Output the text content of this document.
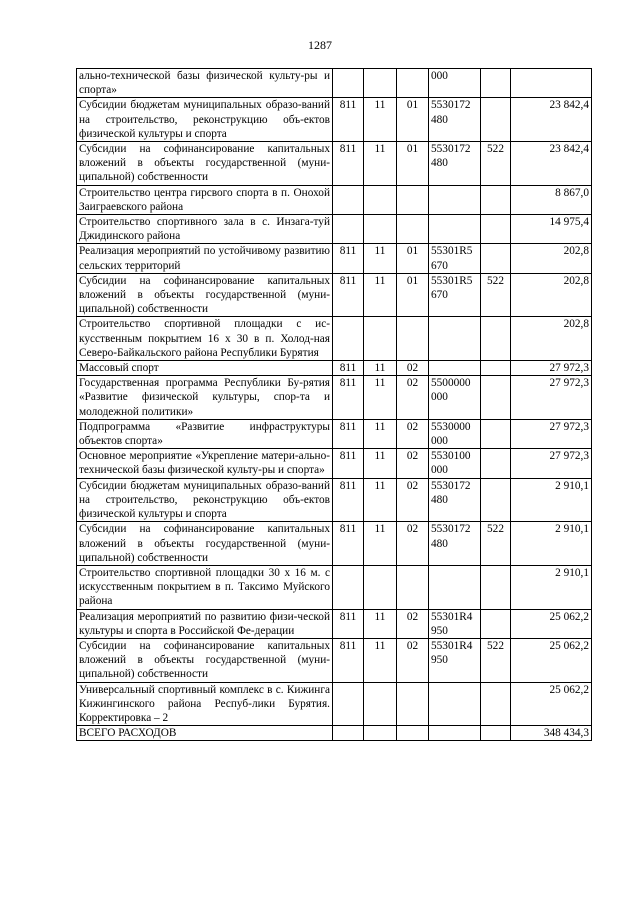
1287
ально-технической базы физической культу-ры и спорта»				000		
Субсидии бюджетам муниципальных образо-ваний на строительство, реконструкцию объ-ектов физической культуры и спорта	811	11	01	5530172 480		23 842,4
Субсидии на софинансирование капитальных вложений в объекты государственной (муни-ципальной) собственности	811	11	01	5530172 480	522	23 842,4
Строительство центра гирсвого спорта в п. Онохой Заиграевского района						8 867,0
Строительство спортивного зала в с. Инзага-туй Джидинского района						14 975,4
Реализация мероприятий по устойчивому развитию сельских территорий	811	11	01	55301R5 670		202,8
Субсидии на софинансирование капитальных вложений в объекты государственной (муни-ципальной) собственности	811	11	01	55301R5 670	522	202,8
Строительство спортивной площадки с ис-кусственным покрытием 16 х 30 в п. Холод-ная Северо-Байкальского района Республики Бурятия						202,8
Массовый спорт	811	11	02			27 972,3
Государственная программа Республики Бу-рятия «Развитие физической культуры, спор-та и молодежной политики»	811	11	02	5500000 000		27 972,3
Подпрограмма «Развитие инфраструктуры объектов спорта»	811	11	02	5530000 000		27 972,3
Основное мероприятие «Укрепление матери-ально-технической базы физической культу-ры и спорта»	811	11	02	5530100 000		27 972,3
Субсидии бюджетам муниципальных образо-ваний на строительство, реконструкцию объ-ектов физической культуры и спорта	811	11	02	5530172 480		2 910,1
Субсидии на софинансирование капитальных вложений в объекты государственной (муни-ципальной) собственности	811	11	02	5530172 480	522	2 910,1
Строительство спортивной площадки 30 х 16 м. с искусственным покрытием в п. Таксимо Муйского района						2 910,1
Реализация мероприятий по развитию физи-ческой культуры и спорта в Российской Фе-дерации	811	11	02	55301R4 950		25 062,2
Субсидии на софинансирование капитальных вложений в объекты государственной (муни-ципальной) собственности	811	11	02	55301R4 950	522	25 062,2
Универсальный спортивный комплекс в с. Кижинга Кижингинского района Респуб-лики Бурятия. Корректировка – 2						25 062,2
ВСЕГО РАСХОДОВ						348 434,3
